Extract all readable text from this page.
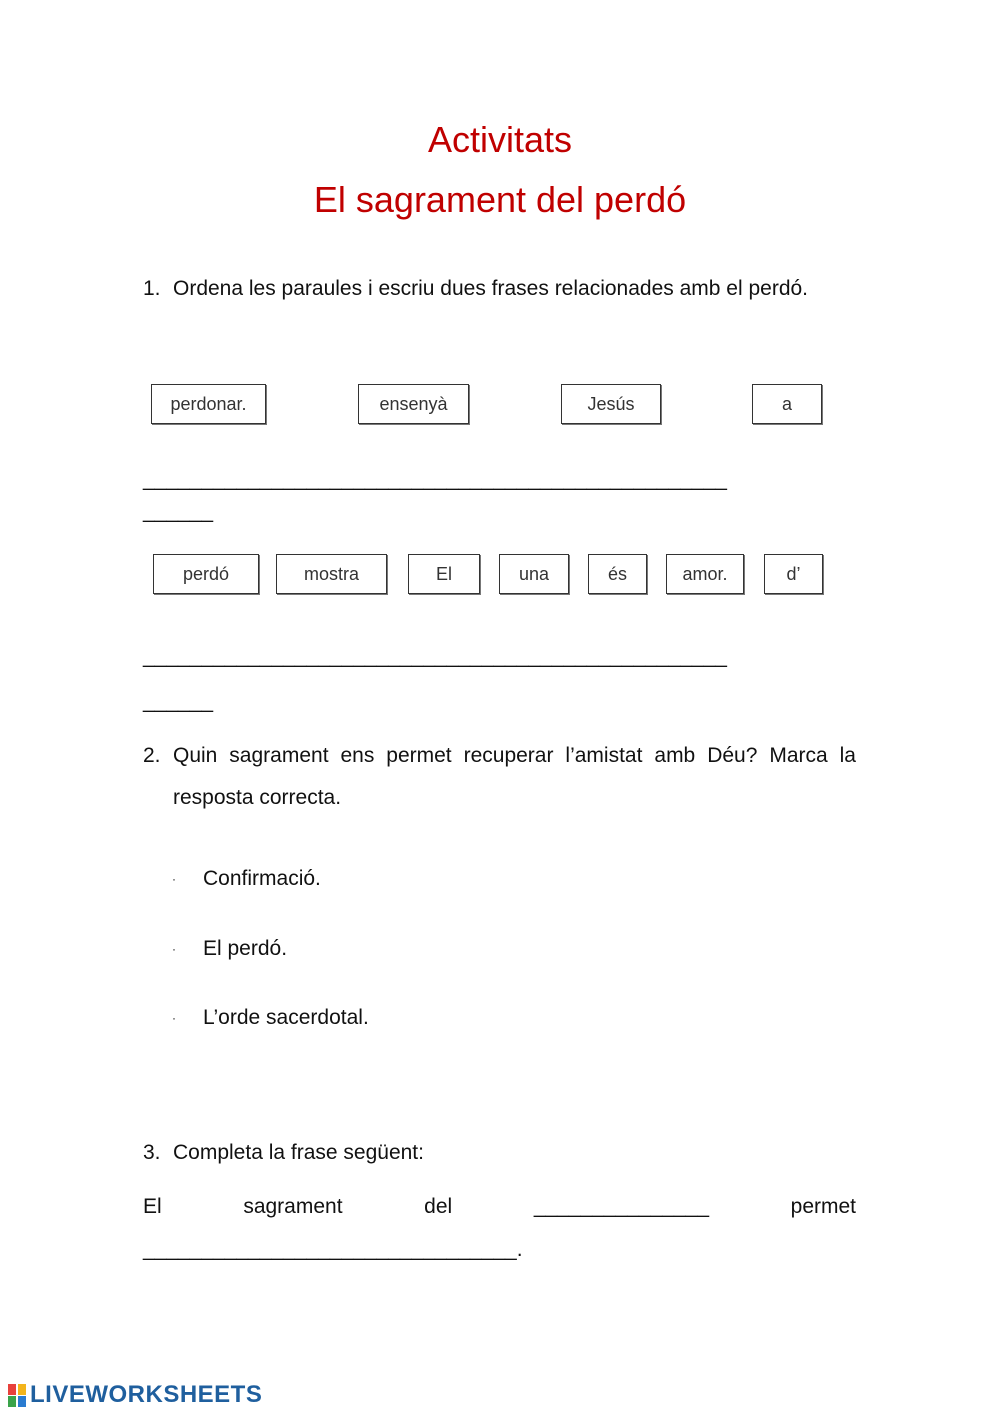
Activitats
El sagrament del perdó
1. Ordena les paraules i escriu dues frases relacionades amb el perdó.
perdonar.	ensenyà	Jesús	a
__________________________________________________
______
perdó	mostra	El	una	és	amor.	d’
__________________________________________________
______
2. Quin sagrament ens permet recuperar l’amistat amb Déu? Marca la resposta correcta.
· Confirmació.
· El perdó.
· L’orde sacerdotal.
3. Completa la frase següent:
El	sagrament	del	_______________	permet
________________________________.
LIVEWORKSHEETS
